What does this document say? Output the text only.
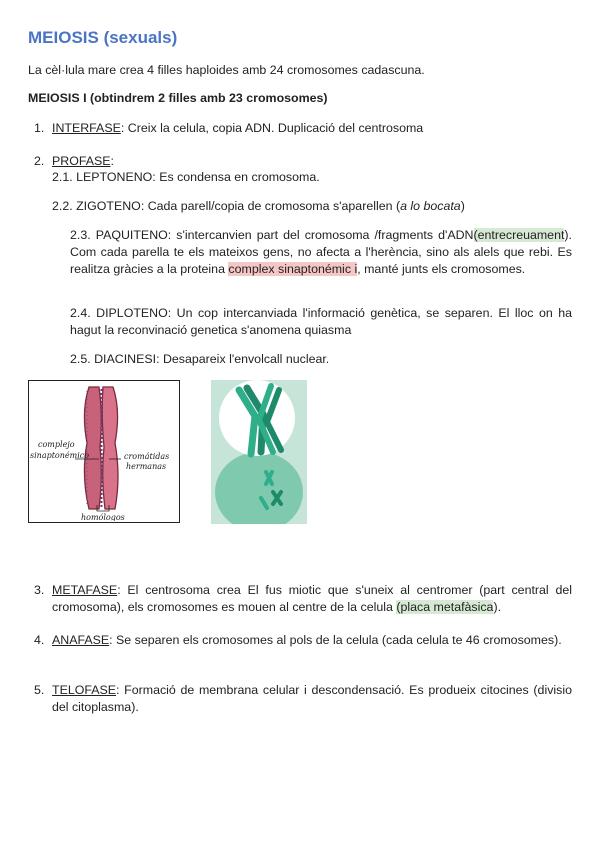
MEIOSIS (sexuals)

La cèl·lula mare crea 4 filles haploides amb 24 cromosomes cadascuna.

MEIOSIS I (obtindrem 2 filles amb 23 cromosomes)

1. INTERFASE: Creix la celula, copia ADN. Duplicació del centrosoma

2. PROFASE:

2.1. LEPTONENO: Es condensa en cromosoma.

2.2. ZIGOTENO: Cada parell/copia de cromosoma s'aparellen (a lo bocata)

2.3. PAQUITENO: s'intercanvien part del cromosoma /fragments d'ADN(entrecreuament). Com cada parella te els mateixos gens, no afecta a l'herència, sino als alels que rebi. Es realitza gràcies a la proteina complex sinaptonémic i, manté junts els cromosomes.

2.4. DIPLOTENO: Un cop intercanviada l'informació genètica, se separen. El lloc on ha hagut la reconvinació genetica s'anomena quiasma

2.5. DIACINESI: Desapareix l'envolcall nuclear.

complejo
sinaptonémico	cromátidas
hermanas
homólogos
3. METAFASE: El centrosoma crea El fus miotic que s'uneix al centromer (part central del cromosoma), els cromosomes es mouen al centre de la celula (placa metafàsica).

4. ANAFASE: Se separen els cromosomes al pols de la celula (cada celula te 46 cromosomes).

5. TELOFASE: Formació de membrana celular i descondensació. Es produeix citocines (divisio del citoplasma).
